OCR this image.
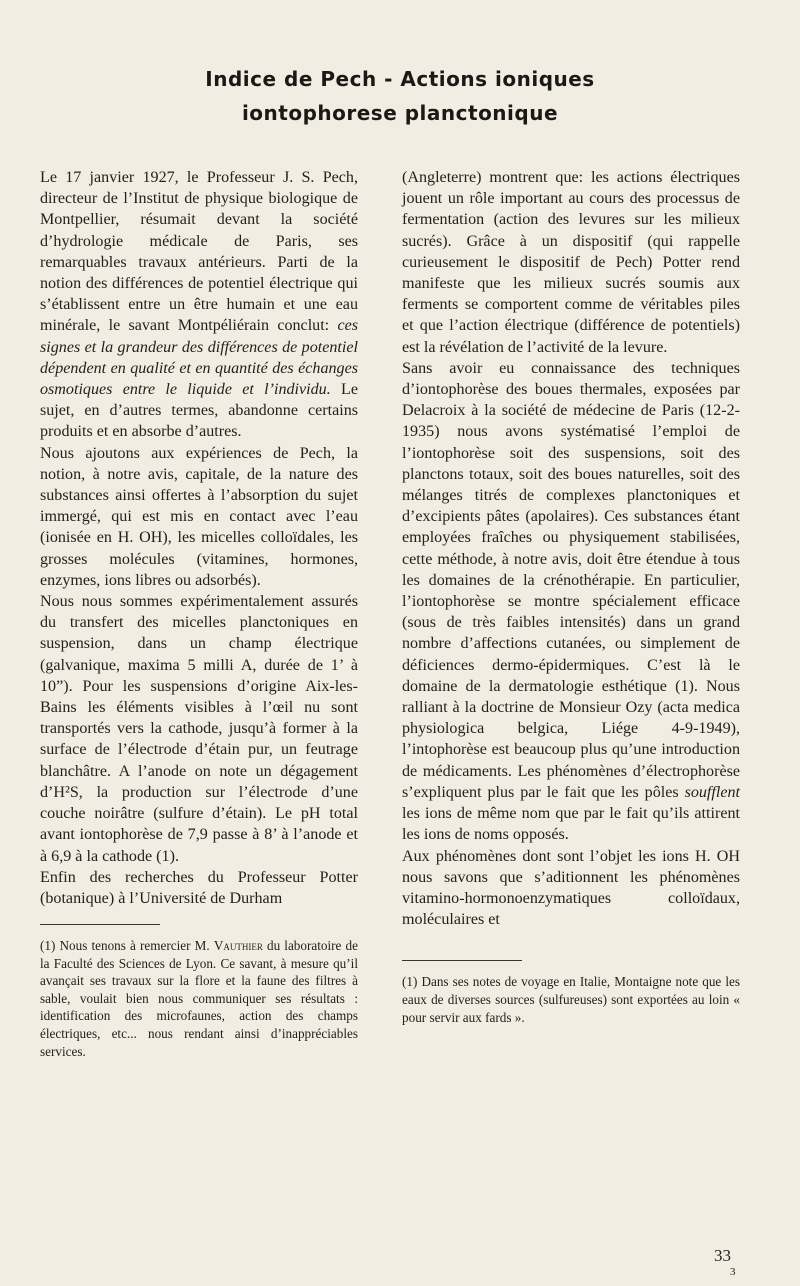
Indice de Pech - Actions ioniques
iontophorese planctonique

Le 17 janvier 1927, le Professeur J. S. Pech, directeur de l’Institut de physique biologique de Montpellier, résumait devant la société d’hydrologie médicale de Paris, ses remarquables travaux antérieurs. Parti de la notion des différences de potentiel électrique qui s’établissent entre un être humain et une eau minérale, le savant Montpéliérain conclut: ces signes et la grandeur des différences de potentiel dépendent en qualité et en quantité des échanges osmotiques entre le liquide et l’individu. Le sujet, en d’autres termes, abandonne certains produits et en absorbe d’autres.

Nous ajoutons aux expériences de Pech, la notion, à notre avis, capitale, de la nature des substances ainsi offertes à l’absorption du sujet immergé, qui est mis en contact avec l’eau (ionisée en H. OH), les micelles colloïdales, les grosses molécules (vitamines, hormones, enzymes, ions libres ou adsorbés).

Nous nous sommes expérimentalement assurés du transfert des micelles planctoniques en suspension, dans un champ électrique (galvanique, maxima 5 milli A, durée de 1’ à 10”). Pour les suspensions d’origine Aix-les-Bains les éléments visibles à l’œil nu sont transportés vers la cathode, jusqu’à former à la surface de l’électrode d’étain pur, un feutrage blanchâtre. A l’anode on note un dégagement d’H²S, la production sur l’électrode d’une couche noirâtre (sulfure d’étain). Le pH total avant iontophorèse de 7,9 passe à 8’ à l’anode et à 6,9 à la cathode (1).

Enfin des recherches du Professeur Potter (botanique) à l’Université de Durham

(1) Nous tenons à remercier M. Vauthier du laboratoire de la Faculté des Sciences de Lyon. Ce savant, à mesure qu’il avançait ses travaux sur la flore et la faune des filtres à sable, voulait bien nous communiquer ses résultats : identification des microfaunes, action des champs électriques, etc... nous rendant ainsi d’inappréciables services.

(Angleterre) montrent que: les actions électriques jouent un rôle important au cours des processus de fermentation (action des levures sur les milieux sucrés). Grâce à un dispositif (qui rappelle curieusement le dispositif de Pech) Potter rend manifeste que les milieux sucrés soumis aux ferments se comportent comme de véritables piles et que l’action électrique (différence de potentiels) est la révélation de l’activité de la levure.

Sans avoir eu connaissance des techniques d’iontophorèse des boues thermales, exposées par Delacroix à la société de médecine de Paris (12-2-1935) nous avons systématisé l’emploi de l’iontophorèse soit des suspensions, soit des planctons totaux, soit des boues naturelles, soit des mélanges titrés de complexes planctoniques et d’excipients pâtes (apolaires). Ces substances étant employées fraîches ou physiquement stabilisées, cette méthode, à notre avis, doit être étendue à tous les domaines de la crénothérapie. En particulier, l’iontophorèse se montre spécialement efficace (sous de très faibles intensités) dans un grand nombre d’affections cutanées, ou simplement de déficiences dermo-épidermiques. C’est là le domaine de la dermatologie esthétique (1). Nous ralliant à la doctrine de Monsieur Ozy (acta medica physiologica belgica, Liége 4-9-1949), l’intophorèse est beaucoup plus qu’une introduction de médicaments. Les phénomènes d’électrophorèse s’expliquent plus par le fait que les pôles soufflent les ions de même nom que par le fait qu’ils attirent les ions de noms opposés.

Aux phénomènes dont sont l’objet les ions H. OH nous savons que s’aditionnent les phénomènes vitamino-hormonoenzymatiques colloïdaux, moléculaires et

(1) Dans ses notes de voyage en Italie, Montaigne note que les eaux de diverses sources (sulfureuses) sont exportées au loin « pour servir aux fards ».

33
3
